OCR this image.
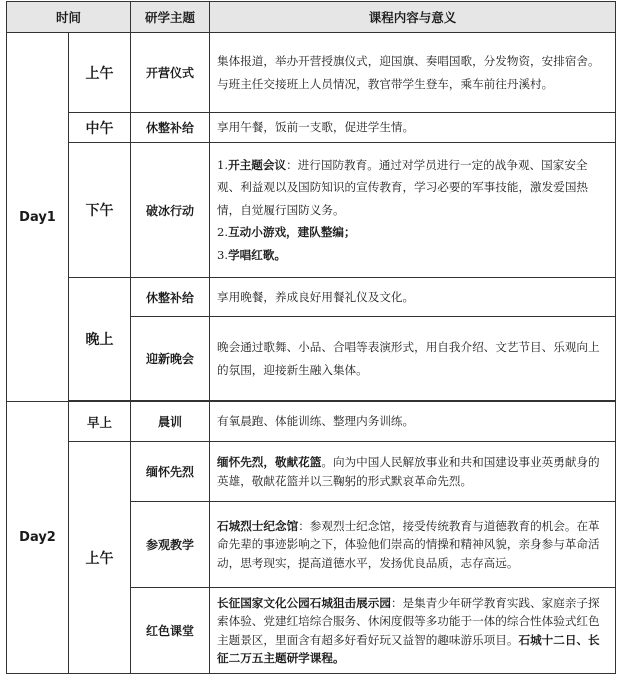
时间		研学主题	课程内容与意义
Day1	上午	开营仪式	集体报道，举办开营授旗仪式，迎国旗、奏唱国歌，分发物资，安排宿舍。与班主任交接班上人员情况，教官带学生登车，乘车前往丹溪村。

	中午	休整补给	享用午餐，饭前一支歌，促进学生情。

	下午	破冰行动	1.开主题会议：进行国防教育。通过对学员进行一定的战争观、国家安全观、利益观以及国防知识的宣传教育，学习必要的军事技能，激发爱国热情，自觉履行国防义务。

2.互动小游戏，建队整编；

3.学唱红歌。

	晚上	休整补给	享用晚餐，养成良好用餐礼仪及文化。

		迎新晚会	晚会通过歌舞、小品、合唱等表演形式，用自我介绍、文艺节目、乐观向上的氛围，迎接新生融入集体。

Day2	早上	晨训	有氧晨跑、体能训练、整理内务训练。

	上午	缅怀先烈	缅怀先烈，敬献花篮。向为中国人民解放事业和共和国建设事业英勇献身的英雄，敬献花篮并以三鞠躬的形式默哀革命先烈。

		参观教学	石城烈士纪念馆：参观烈士纪念馆，接受传统教育与道德教育的机会。在革命先辈的事迹影响之下，体验他们崇高的情操和精神风貌，亲身参与革命活动，思考现实，提高道德水平，发扬优良品质，志存高远。

		红色课堂	长征国家文化公园石城狙击展示园：是集青少年研学教育实践、家庭亲子探索体验、党建红培综合服务、休闲度假等多功能于一体的综合性体验式红色主题景区，里面含有超多好看好玩又益智的趣味游乐项目。石城十二日、长征二万五主题研学课程。
